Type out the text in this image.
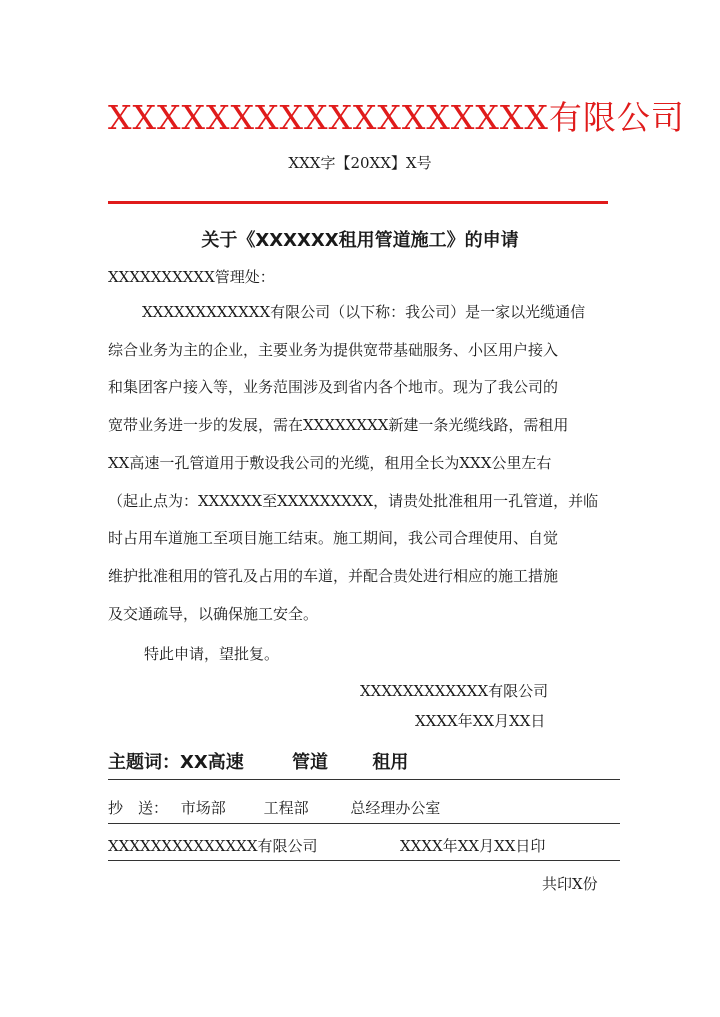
XXXXXXXXXXXXXXXXXX有限公司
XXX字【20XX】X号
关于《XXXXXX租用管道施工》的申请
XXXXXXXXXX管理处：
XXXXXXXXXXXX有限公司（以下称：我公司）是一家以光缆通信
综合业务为主的企业，主要业务为提供宽带基础服务、小区用户接入
和集团客户接入等，业务范围涉及到省内各个地市。现为了我公司的
宽带业务进一步的发展，需在XXXXXXXX新建一条光缆线路，需租用
XX高速一孔管道用于敷设我公司的光缆，租用全长为XXX公里左右
（起止点为：XXXXXX至XXXXXXXXX，请贵处批准租用一孔管道，并临
时占用车道施工至项目施工结束。施工期间，我公司合理使用、自觉
维护批准租用的管孔及占用的车道，并配合贵处进行相应的施工措施
及交通疏导，以确保施工安全。
特此申请，望批复。
XXXXXXXXXXXX有限公司
XXXX年XX月XX日
主题词：XX高速	管道 租用
抄　送： 市场部	工程部	总经理办公室
XXXXXXXXXXXXXX有限公司	XXXX年XX月XX日印
共印X份
